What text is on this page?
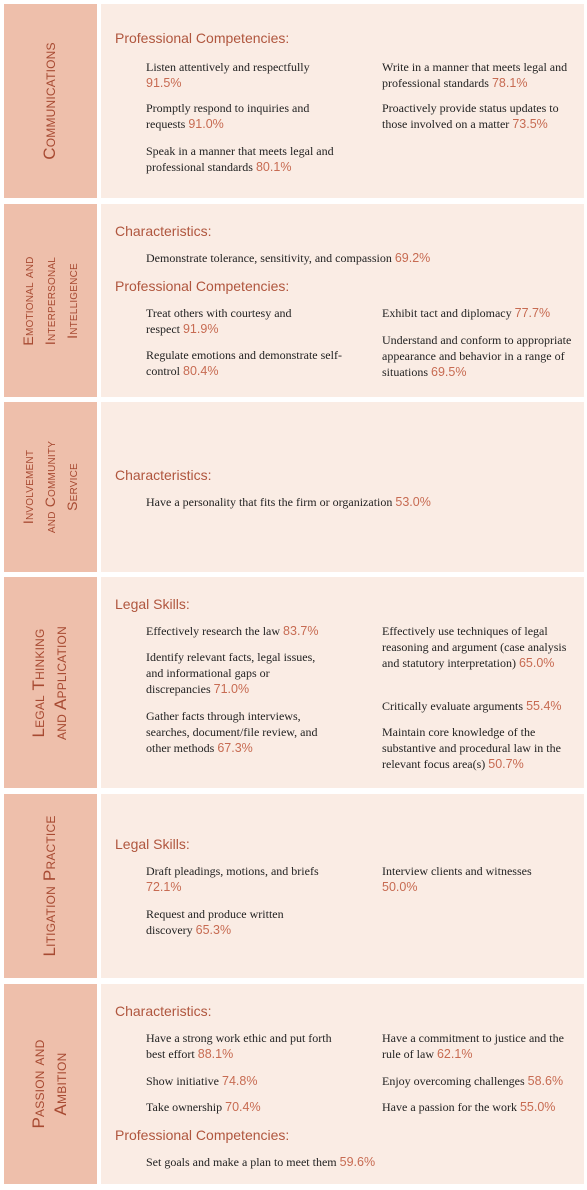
Communications
Professional Competencies:
Listen attentively and respectfully
91.5%
Write in a manner that meets legal and professional standards 78.1%
Promptly respond to inquiries and requests 91.0%
Proactively provide status updates to those involved on a matter 73.5%
Speak in a manner that meets legal and professional standards 80.1%
Emotional and Interpersonal Intelligence
Characteristics:
Demonstrate tolerance, sensitivity, and compassion 69.2%
Professional Competencies:
Treat others with courtesy and respect 91.9%
Exhibit tact and diplomacy 77.7%
Regulate emotions and demonstrate self-control 80.4%
Understand and conform to appropriate appearance and behavior in a range of situations 69.5%
Involvement and Community Service	Characteristics:
Have a personality that fits the firm or organization 53.0%
Legal Thinking and Application
Legal Skills:
Effectively research the law 83.7%	Effectively use techniques of legal reasoning and argument (case analysis and statutory interpretation) 65.0%
Identify relevant facts, legal issues, and informational gaps or discrepancies 71.0%
Critically evaluate arguments 55.4%
Gather facts through interviews, searches, document/file review, and other methods 67.3%
Maintain core knowledge of the substantive and procedural law in the relevant focus area(s) 50.7%
Litigation Practice	Legal Skills:
Draft pleadings, motions, and briefs
72.1%
Interview clients and witnesses
50.0%
Request and produce written discovery 65.3%
Passion and Ambition
Characteristics:
Have a strong work ethic and put forth best effort 88.1%
Have a commitment to justice and the rule of law 62.1%
Show initiative 74.8%	Enjoy overcoming challenges 58.6%
Take ownership 70.4%	Have a passion for the work 55.0%
Professional Competencies:
Set goals and make a plan to meet them 59.6%
